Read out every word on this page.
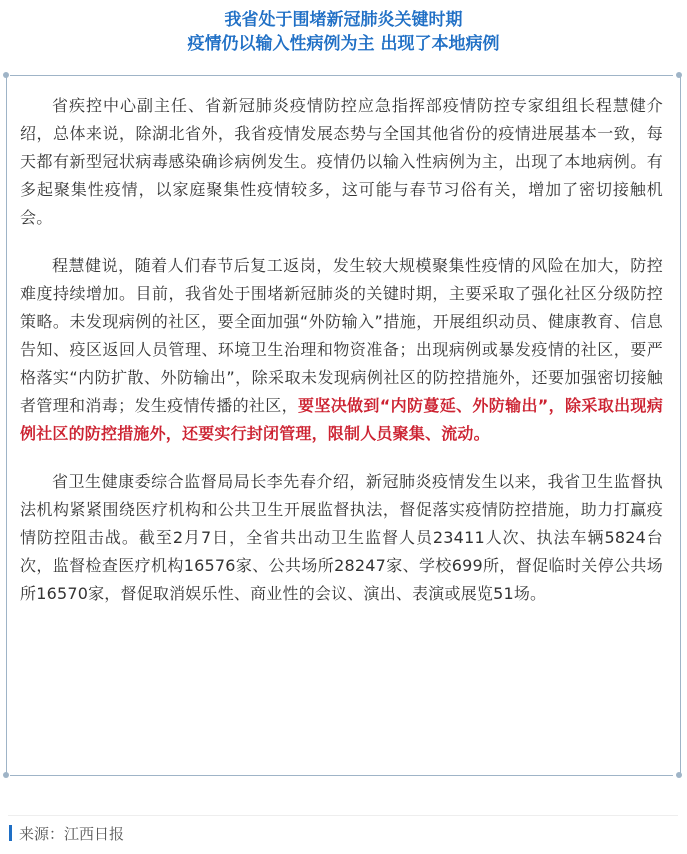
我省处于围堵新冠肺炎关键时期
疫情仍以输入性病例为主 出现了本地病例

省疾控中心副主任、省新冠肺炎疫情防控应急指挥部疫情防控专家组组长程慧健介绍，总体来说，除湖北省外，我省疫情发展态势与全国其他省份的疫情进展基本一致，每天都有新型冠状病毒感染确诊病例发生。疫情仍以输入性病例为主，出现了本地病例。有多起聚集性疫情，以家庭聚集性疫情较多，这可能与春节习俗有关，增加了密切接触机会。

程慧健说，随着人们春节后复工返岗，发生较大规模聚集性疫情的风险在加大，防控难度持续增加。目前，我省处于围堵新冠肺炎的关键时期，主要采取了强化社区分级防控策略。未发现病例的社区，要全面加强“外防输入”措施，开展组织动员、健康教育、信息告知、疫区返回人员管理、环境卫生治理和物资准备；出现病例或暴发疫情的社区，要严格落实“内防扩散、外防输出”，除采取未发现病例社区的防控措施外，还要加强密切接触者管理和消毒；发生疫情传播的社区，要坚决做到“内防蔓延、外防输出”，除采取出现病例社区的防控措施外，还要实行封闭管理，限制人员聚集、流动。

省卫生健康委综合监督局局长李先春介绍，新冠肺炎疫情发生以来，我省卫生监督执法机构紧紧围绕医疗机构和公共卫生开展监督执法，督促落实疫情防控措施，助力打赢疫情防控阻击战。截至2月7日，全省共出动卫生监督人员23411人次、执法车辆5824台次，监督检查医疗机构16576家、公共场所28247家、学校699所，督促临时关停公共场所16570家，督促取消娱乐性、商业性的会议、演出、表演或展览51场。

来源：江西日报
